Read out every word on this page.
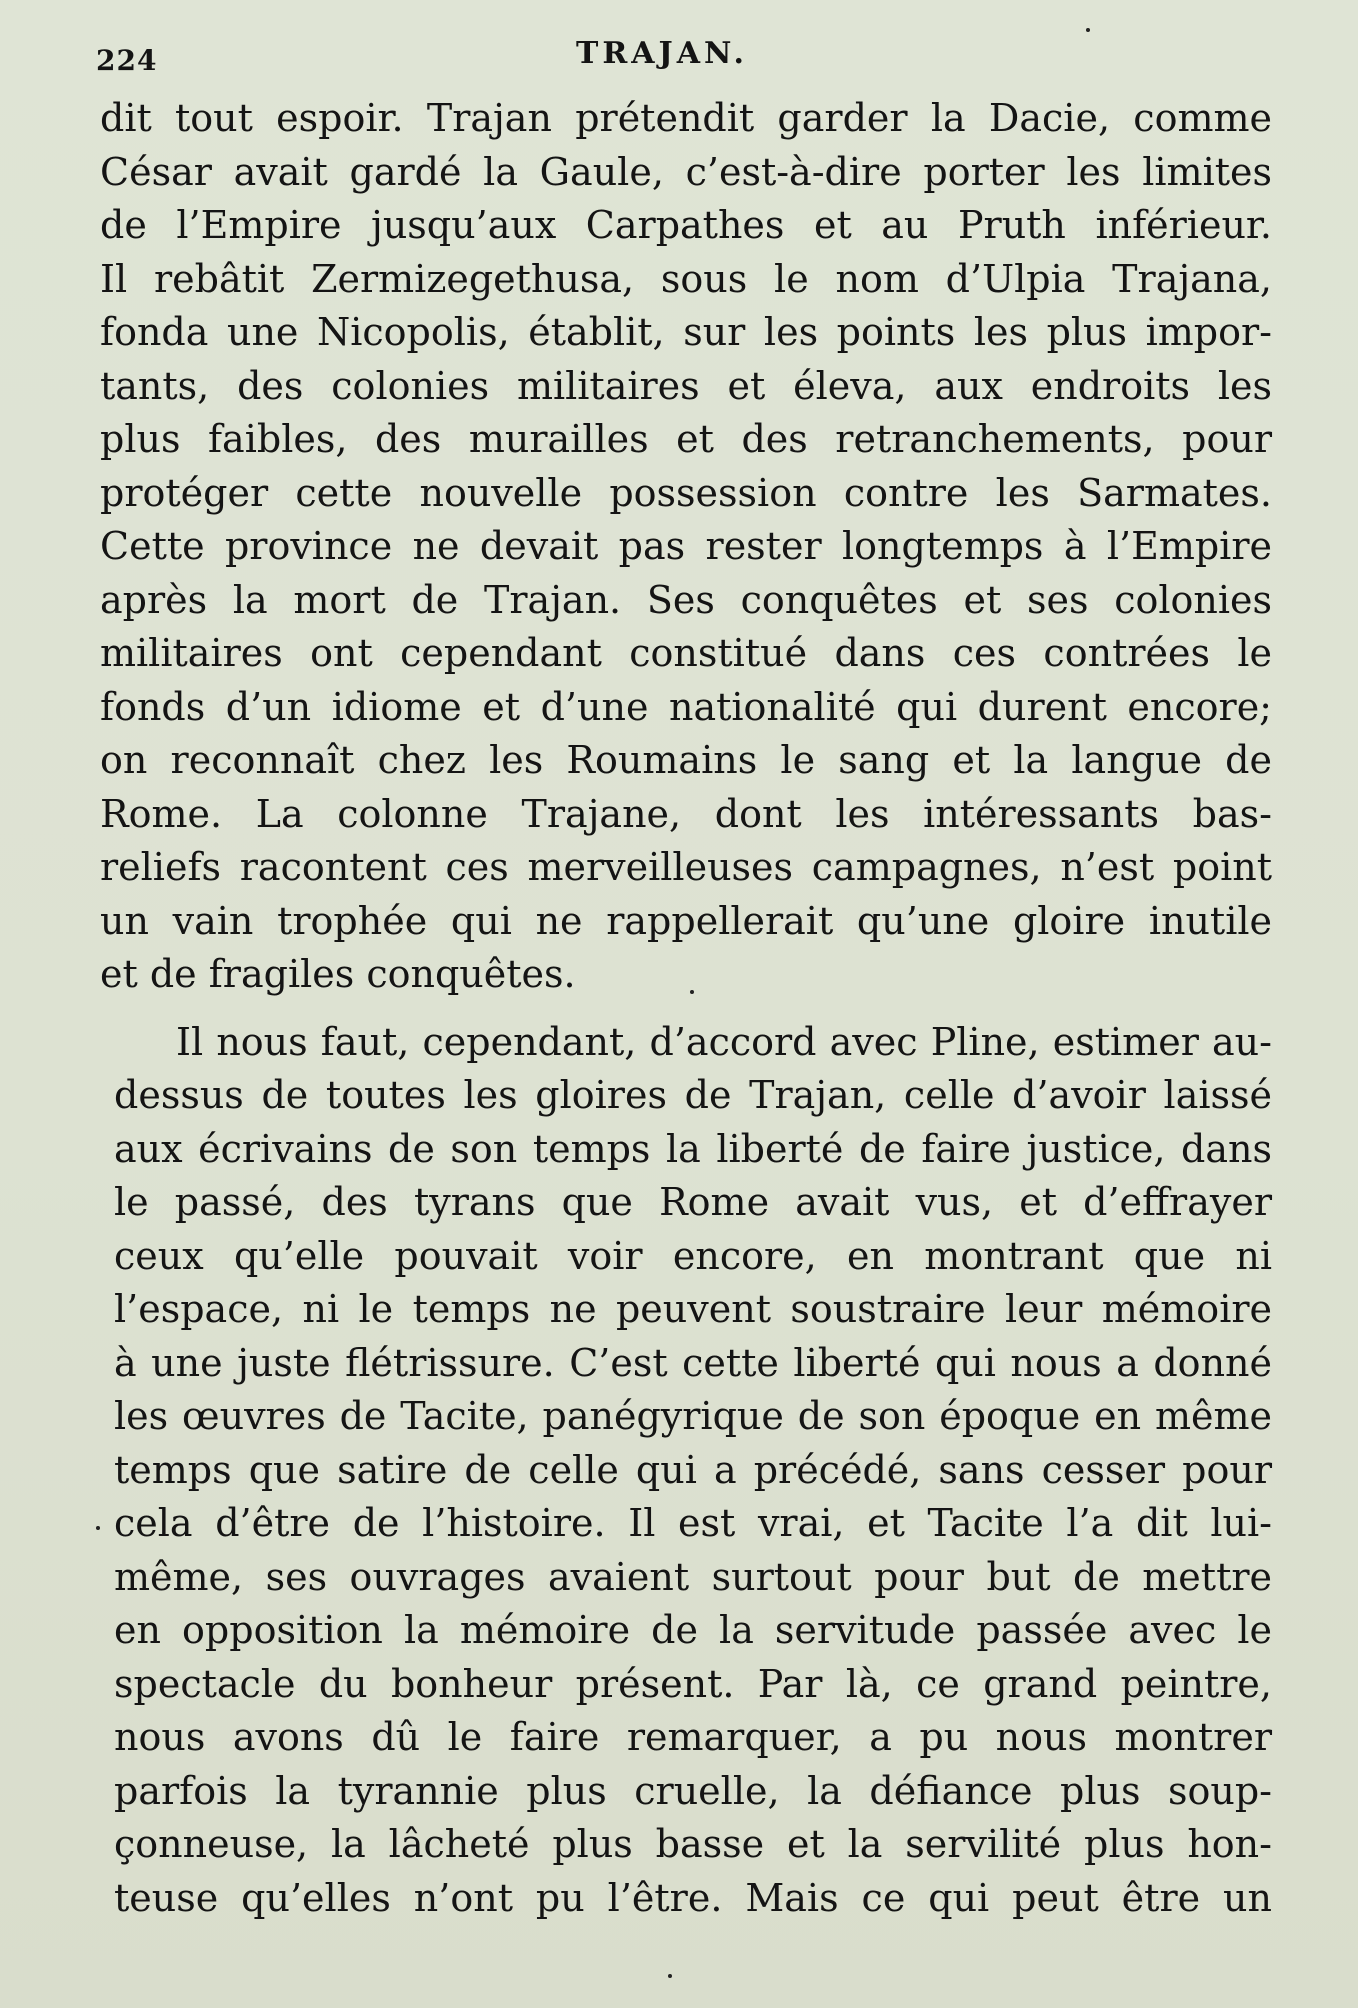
224	TRAJAN.
dit tout espoir. Trajan prétendit garder la Dacie, comme
César avait gardé la Gaule, c’est-à-dire porter les limites
de l’Empire jusqu’aux Carpathes et au Pruth inférieur.
Il rebâtit Zermizegethusa, sous le nom d’Ulpia Trajana,
fonda une Nicopolis, établit, sur les points les plus impor-
tants, des colonies militaires et éleva, aux endroits les
plus faibles, des murailles et des retranchements, pour
protéger cette nouvelle possession contre les Sarmates.
Cette province ne devait pas rester longtemps à l’Empire
après la mort de Trajan. Ses conquêtes et ses colonies
militaires ont cependant constitué dans ces contrées le
fonds d’un idiome et d’une nationalité qui durent encore;
on reconnaît chez les Roumains le sang et la langue de
Rome. La colonne Trajane, dont les intéressants bas-
reliefs racontent ces merveilleuses campagnes, n’est point
un vain trophée qui ne rappellerait qu’une gloire inutile
et de fragiles conquêtes.
Il nous faut, cependant, d’accord avec Pline, estimer au-
dessus de toutes les gloires de Trajan, celle d’avoir laissé
aux écrivains de son temps la liberté de faire justice, dans
le passé, des tyrans que Rome avait vus, et d’effrayer
ceux qu’elle pouvait voir encore, en montrant que ni
l’espace, ni le temps ne peuvent soustraire leur mémoire
à une juste flétrissure. C’est cette liberté qui nous a donné
les œuvres de Tacite, panégyrique de son époque en même
temps que satire de celle qui a précédé, sans cesser pour
cela d’être de l’histoire. Il est vrai, et Tacite l’a dit lui-
même, ses ouvrages avaient surtout pour but de mettre
en opposition la mémoire de la servitude passée avec le
spectacle du bonheur présent. Par là, ce grand peintre,
nous avons dû le faire remarquer, a pu nous montrer
parfois la tyrannie plus cruelle, la défiance plus soup-
çonneuse, la lâcheté plus basse et la servilité plus hon-
teuse qu’elles n’ont pu l’être. Mais ce qui peut être un
